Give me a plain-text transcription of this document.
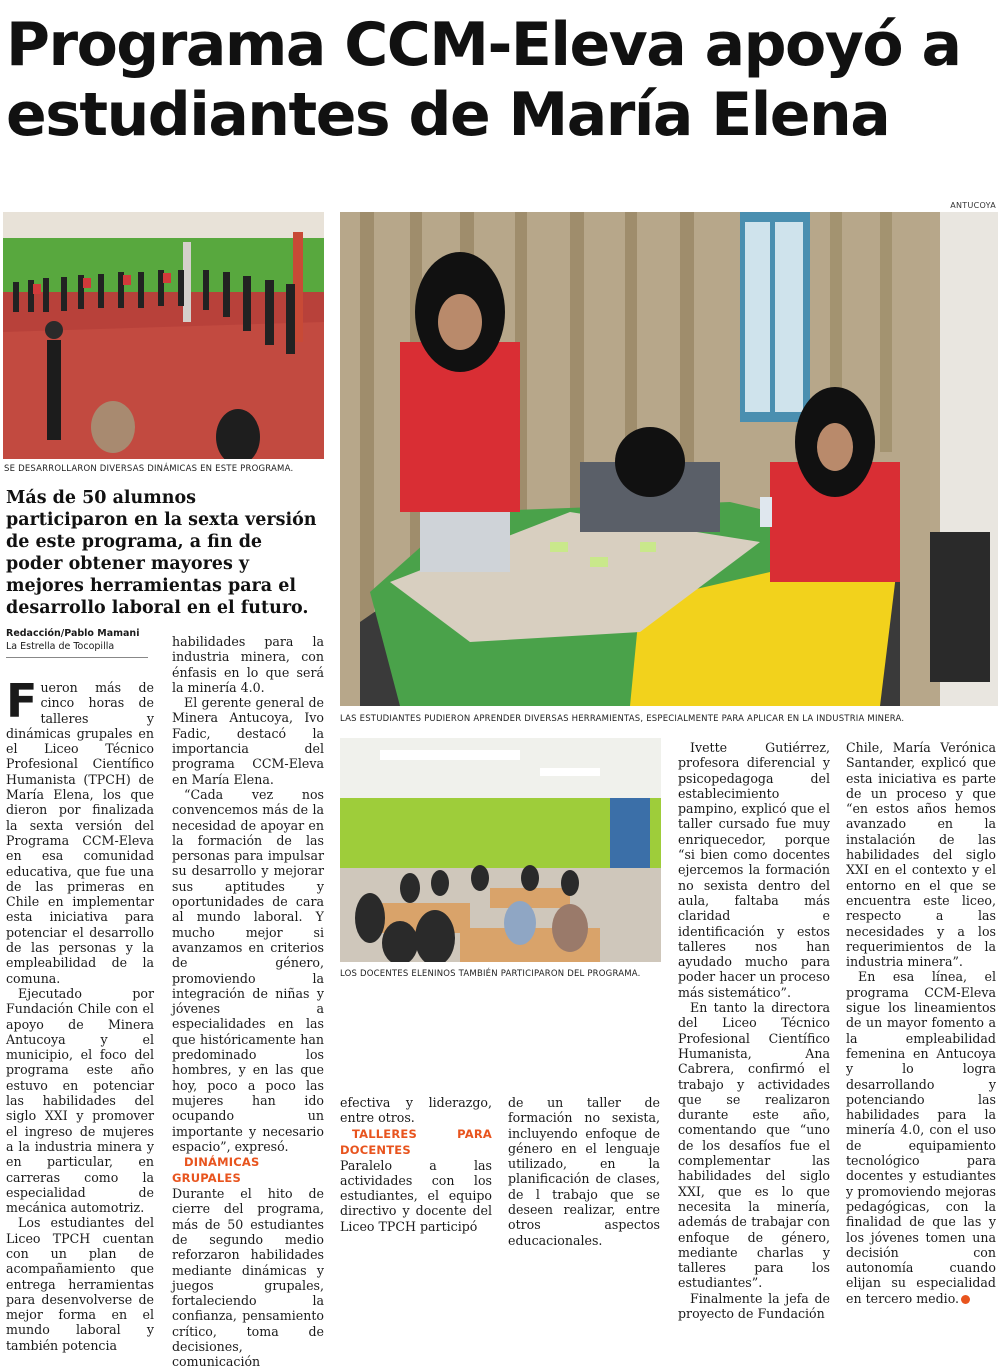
Programa CCM-Eleva apoyó a estudiantes de María Elena
SE DESARROLLARON DIVERSAS DINÁMICAS EN ESTE PROGRAMA.
ANTUCOYA
LAS ESTUDIANTES PUDIERON APRENDER DIVERSAS HERRAMIENTAS, ESPECIALMENTE PARA APLICAR EN LA INDUSTRIA MINERA.
LOS DOCENTES ELENINOS TAMBIÉN PARTICIPARON DEL PROGRAMA.

Más de 50 alumnos participaron en la sexta versión de este programa, a fin de poder obtener mayores y mejores herramientas para el desarrollo laboral en el futuro.

Redacción/Pablo Mamani
La Estrella de Tocopilla
F ueron más de cinco horas de talleres y dinámicas grupales en el Liceo Técnico Profesional Científico Humanista (TPCH) de María Elena, los que dieron por finalizada la sexta versión del Programa CCM-Eleva en esa comunidad educativa, que fue una de las primeras en Chile en implementar esta iniciativa para potenciar el desarrollo de las personas y la empleabilidad de la comuna.

Ejecutado por Fundación Chile con el apoyo de Minera Antucoya y el municipio, el foco del programa este año estuvo en potenciar las habilidades del siglo XXI y promover el ingreso de mujeres a la industria minera y en particular, en carreras como la especialidad de mecánica automotriz.

Los estudiantes del Liceo TPCH cuentan con un plan de acompañamiento que entrega herramientas para desenvolverse de mejor forma en el mundo laboral y también potencia

habilidades para la industria minera, con énfasis en lo que será la minería 4.0.

El gerente general de Minera Antucoya, Ivo Fadic, destacó la importancia del programa CCM-Eleva en María Elena.

“Cada vez nos convencemos más de la necesidad de apoyar en la formación de las personas para impulsar su desarrollo y mejorar sus aptitudes y oportunidades de cara al mundo laboral. Y mucho mejor si avanzamos en criterios de género, promoviendo la integración de niñas y jóvenes a especialidades en las que históricamente han predominado los hombres, y en las que hoy, poco a poco las mujeres han ido ocupando un importante y necesario espacio”, expresó.

DINÁMICAS GRUPALES

Durante el hito de cierre del programa, más de 50 estudiantes de segundo medio reforzaron habilidades mediante dinámicas y juegos grupales, fortaleciendo la confianza, pensamiento crítico, toma de decisiones, comunicación

efectiva y liderazgo, entre otros.

TALLERES PARA DOCENTES

Paralelo a las actividades con los estudiantes, el equipo directivo y docente del Liceo TPCH participó

de un taller de formación no sexista, incluyendo enfoque de género en el lenguaje utilizado, en la planificación de clases, de l trabajo que se deseen realizar, entre otros aspectos educacionales.

Ivette Gutiérrez, profesora diferencial y psicopedagoga del establecimiento pampino, explicó que el taller cursado fue muy enriquecedor, porque “si bien como docentes ejercemos la formación no sexista dentro del aula, faltaba más claridad e identificación y estos talleres nos han ayudado mucho para poder hacer un proceso más sistemático”.

En tanto la directora del Liceo Técnico Profesional Científico Humanista, Ana Cabrera, confirmó el trabajo y actividades que se realizaron durante este año, comentando que “uno de los desafíos fue el complementar las habilidades del siglo XXI, que es lo que necesita la minería, además de trabajar con enfoque de género, mediante charlas y talleres para los estudiantes”.

Finalmente la jefa de proyecto de Fundación

Chile, María Verónica Santander, explicó que esta iniciativa es parte de un proceso y que “en estos años hemos avanzado en la instalación de las habilidades del siglo XXI en el contexto y el entorno en el que se encuentra este liceo, respecto a las necesidades y a los requerimientos de la industria minera”.

En esa línea, el programa CCM-Eleva sigue los lineamientos de un mayor fomento a la empleabilidad femenina en Antucoya y lo logra desarrollando y potenciando las habilidades para la minería 4.0, con el uso de equipamiento tecnológico para docentes y estudiantes y promoviendo mejoras pedagógicas, con la finalidad de que las y los jóvenes tomen una decisión con autonomía cuando elijan su especialidad en tercero medio.
